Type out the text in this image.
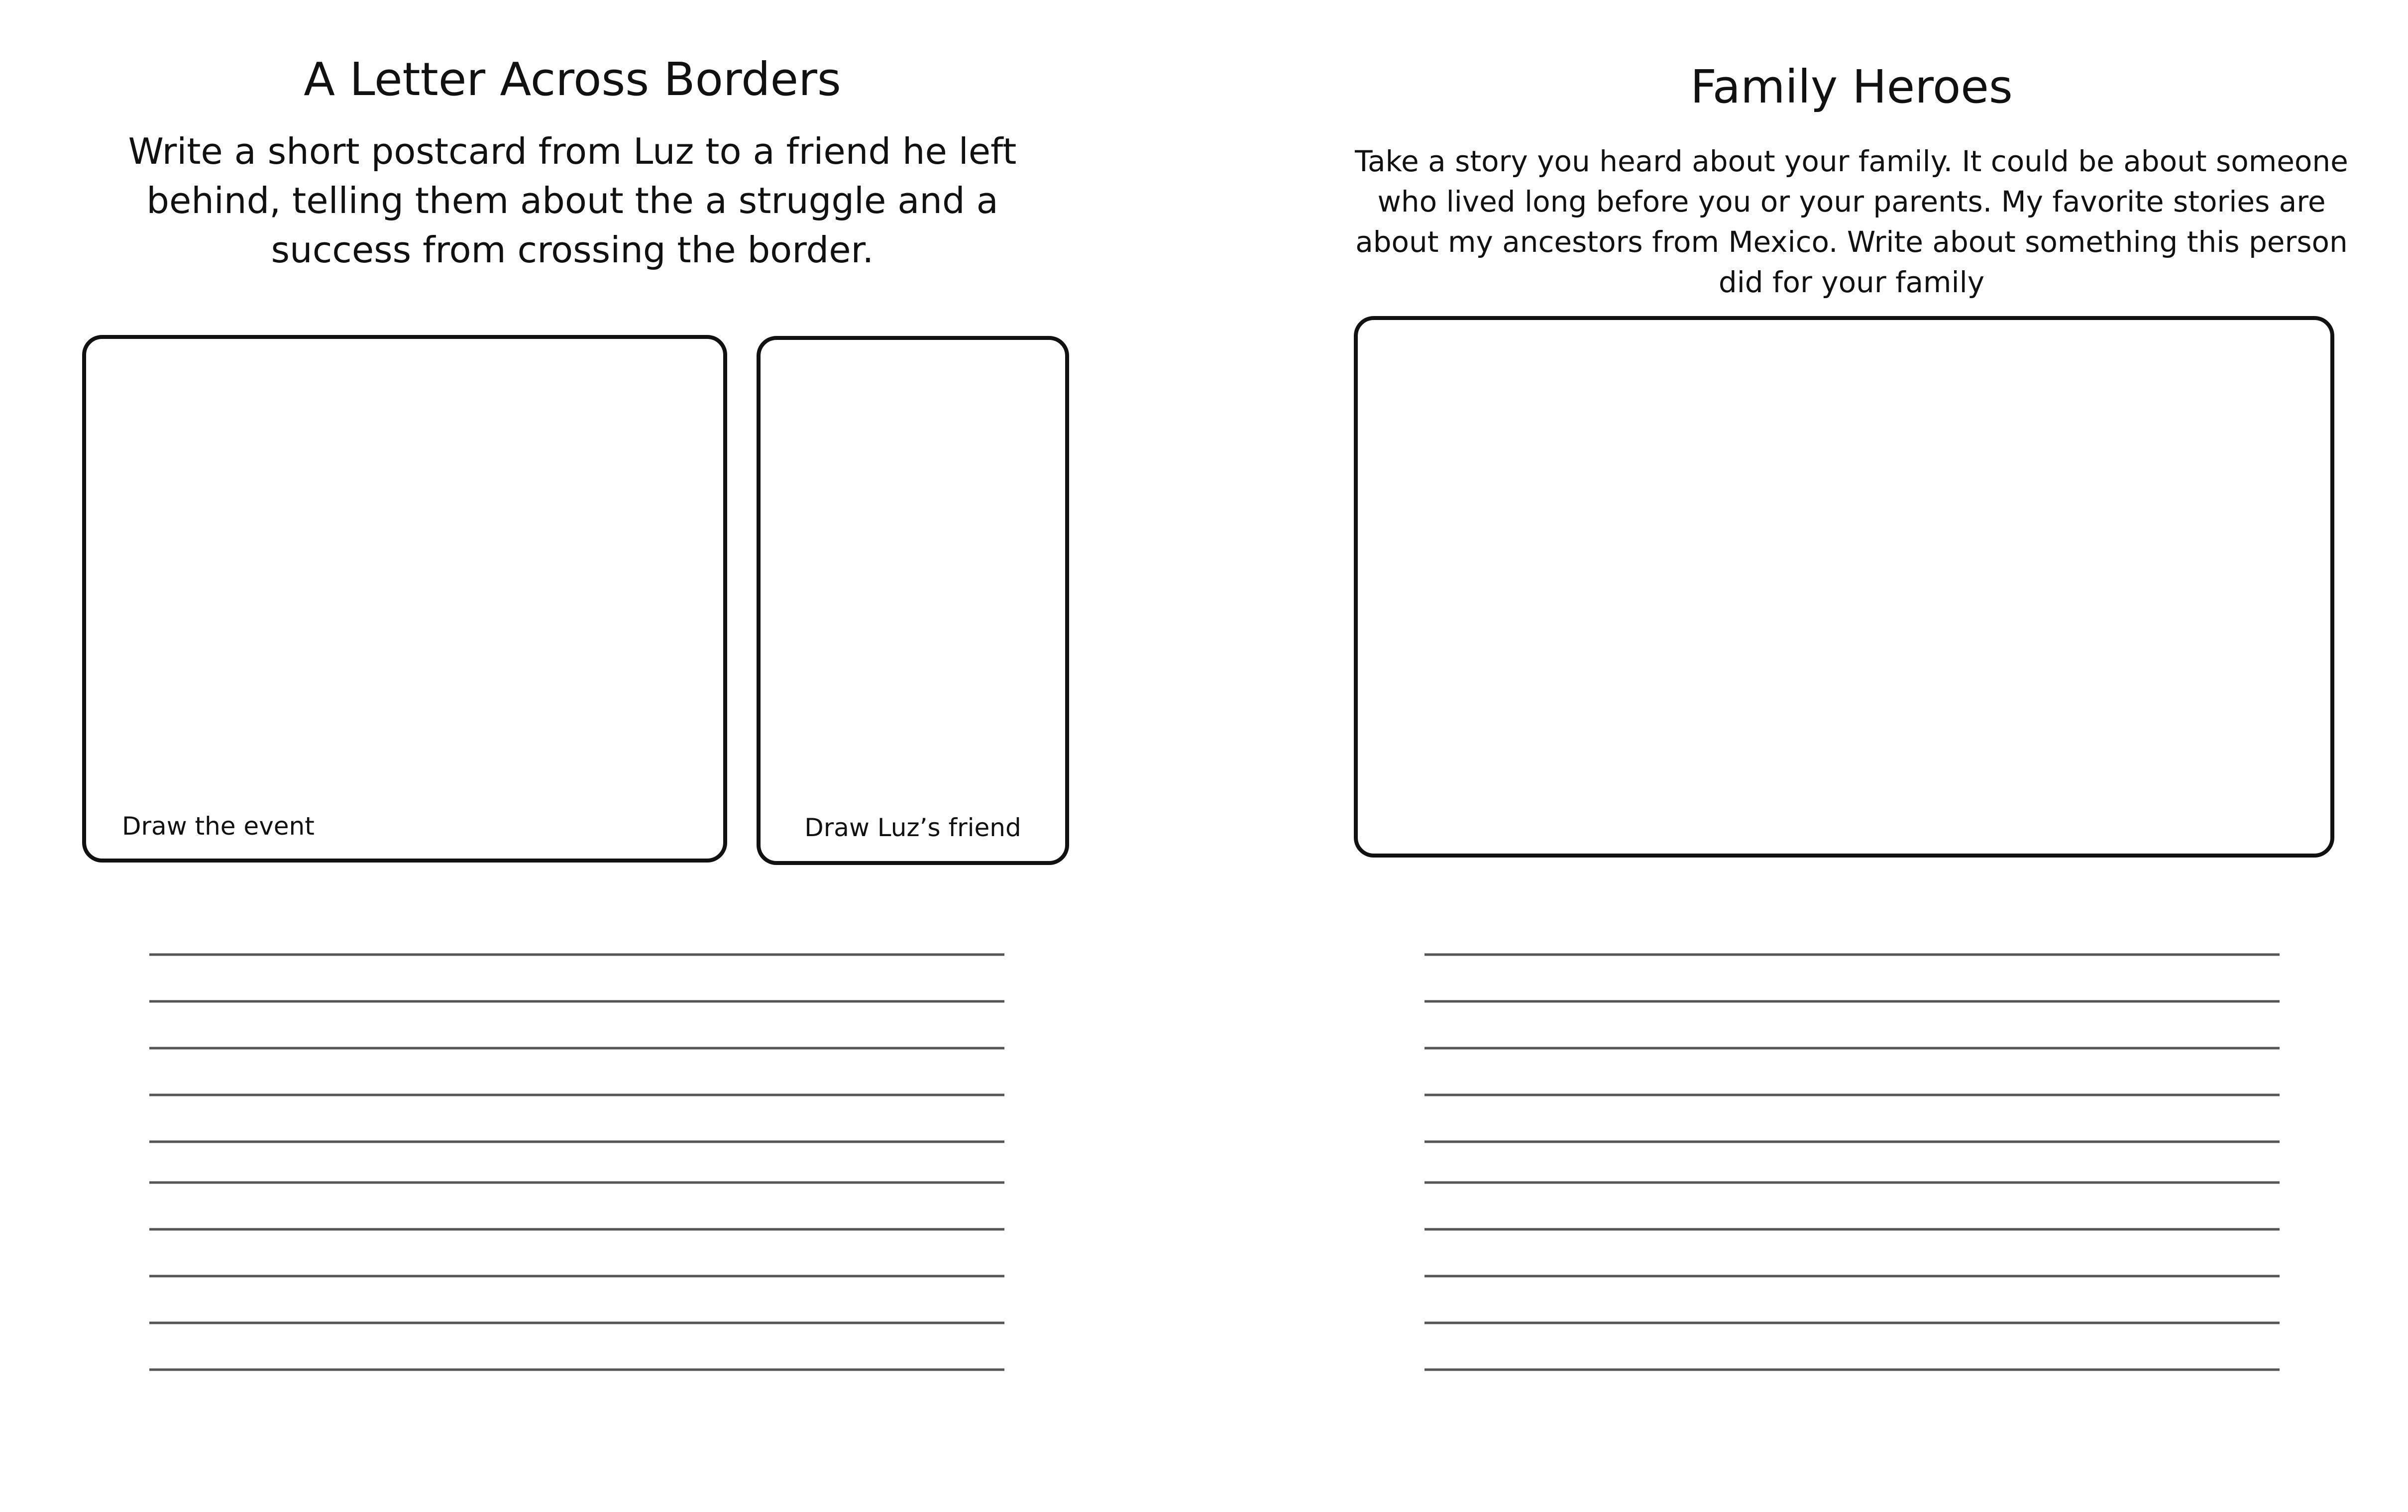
A Letter Across Borders

Write a short postcard from Luz to a friend he left behind, telling them about the a struggle and a success from crossing the border.

Draw the event	Draw Luz’s friend
Family Heroes

Take a story you heard about your family. It could be about someone who lived long before you or your parents. My favorite stories are about my ancestors from Mexico. Write about something this person did for your family
